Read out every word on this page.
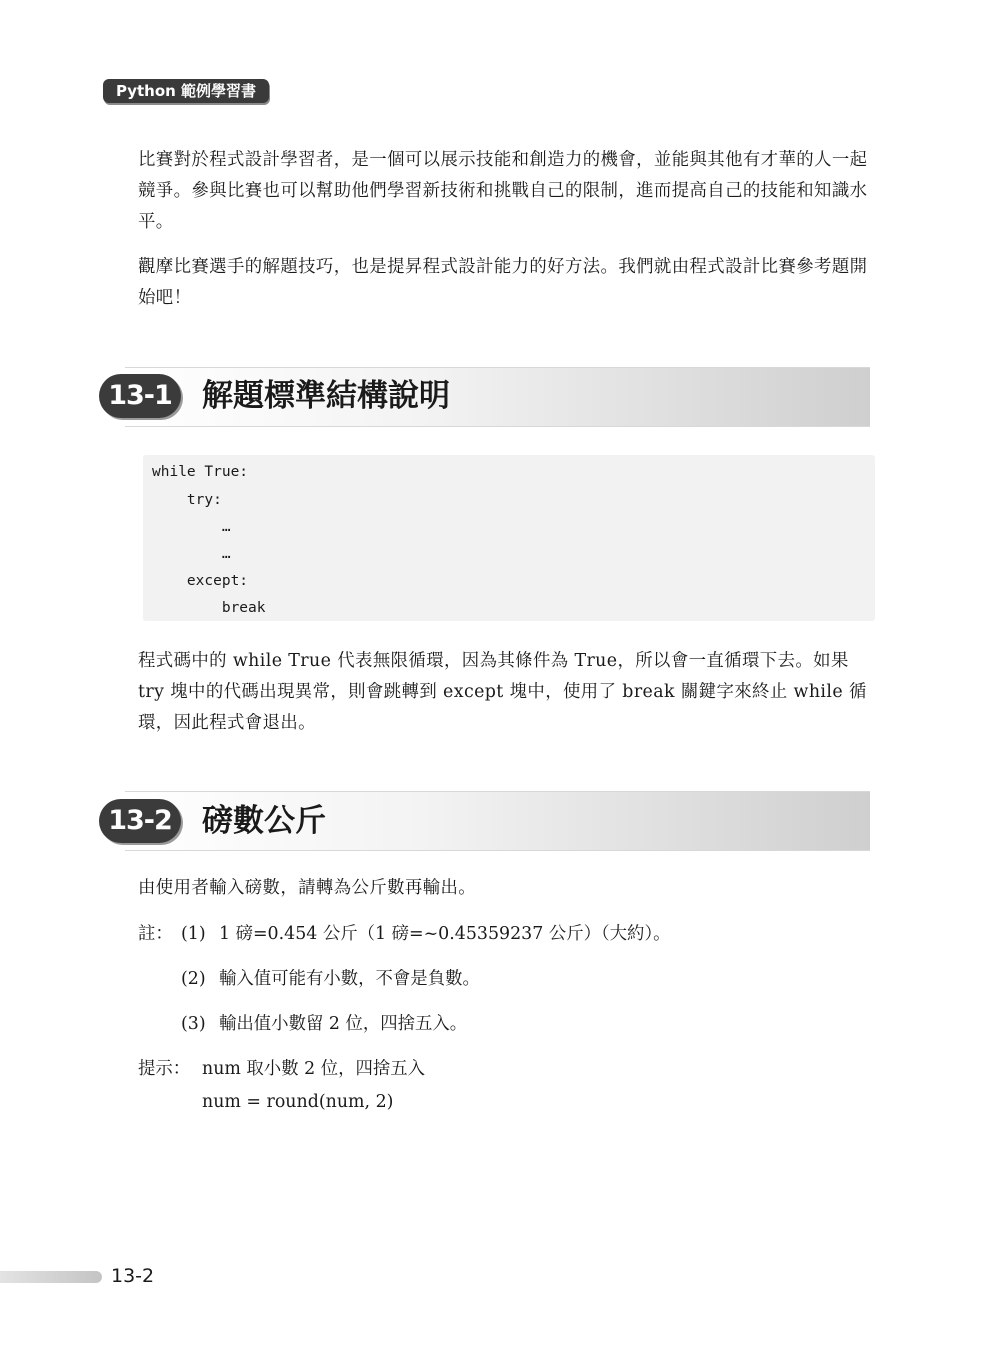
Python 範例學習書

比賽對於程式設計學習者，是一個可以展示技能和創造力的機會，並能與其他有才華的人一起競爭。參與比賽也可以幫助他們學習新技術和挑戰自己的限制，進而提高自己的技能和知識水平。

觀摩比賽選手的解題技巧，也是提昇程式設計能力的好方法。我們就由程式設計比賽參考題開始吧！

13-1 解題標準結構說明
while True:
try:
…
…
except:
break

程式碼中的 while True 代表無限循環，因為其條件為 True，所以會一直循環下去。如果 try 塊中的代碼出現異常，則會跳轉到 except 塊中，使用了 break 關鍵字來終止 while 循環，因此程式會退出。

13-2 磅數公斤

由使用者輸入磅數，請轉為公斤數再輸出。

註： (1) 1 磅=0.454 公斤（1 磅=~0.45359237 公斤）（大約）。
(2) 輸入值可能有小數，不會是負數。
(3) 輸出值小數留 2 位，四捨五入。
提示： num 取小數 2 位，四捨五入
num = round(num, 2)
13-2
